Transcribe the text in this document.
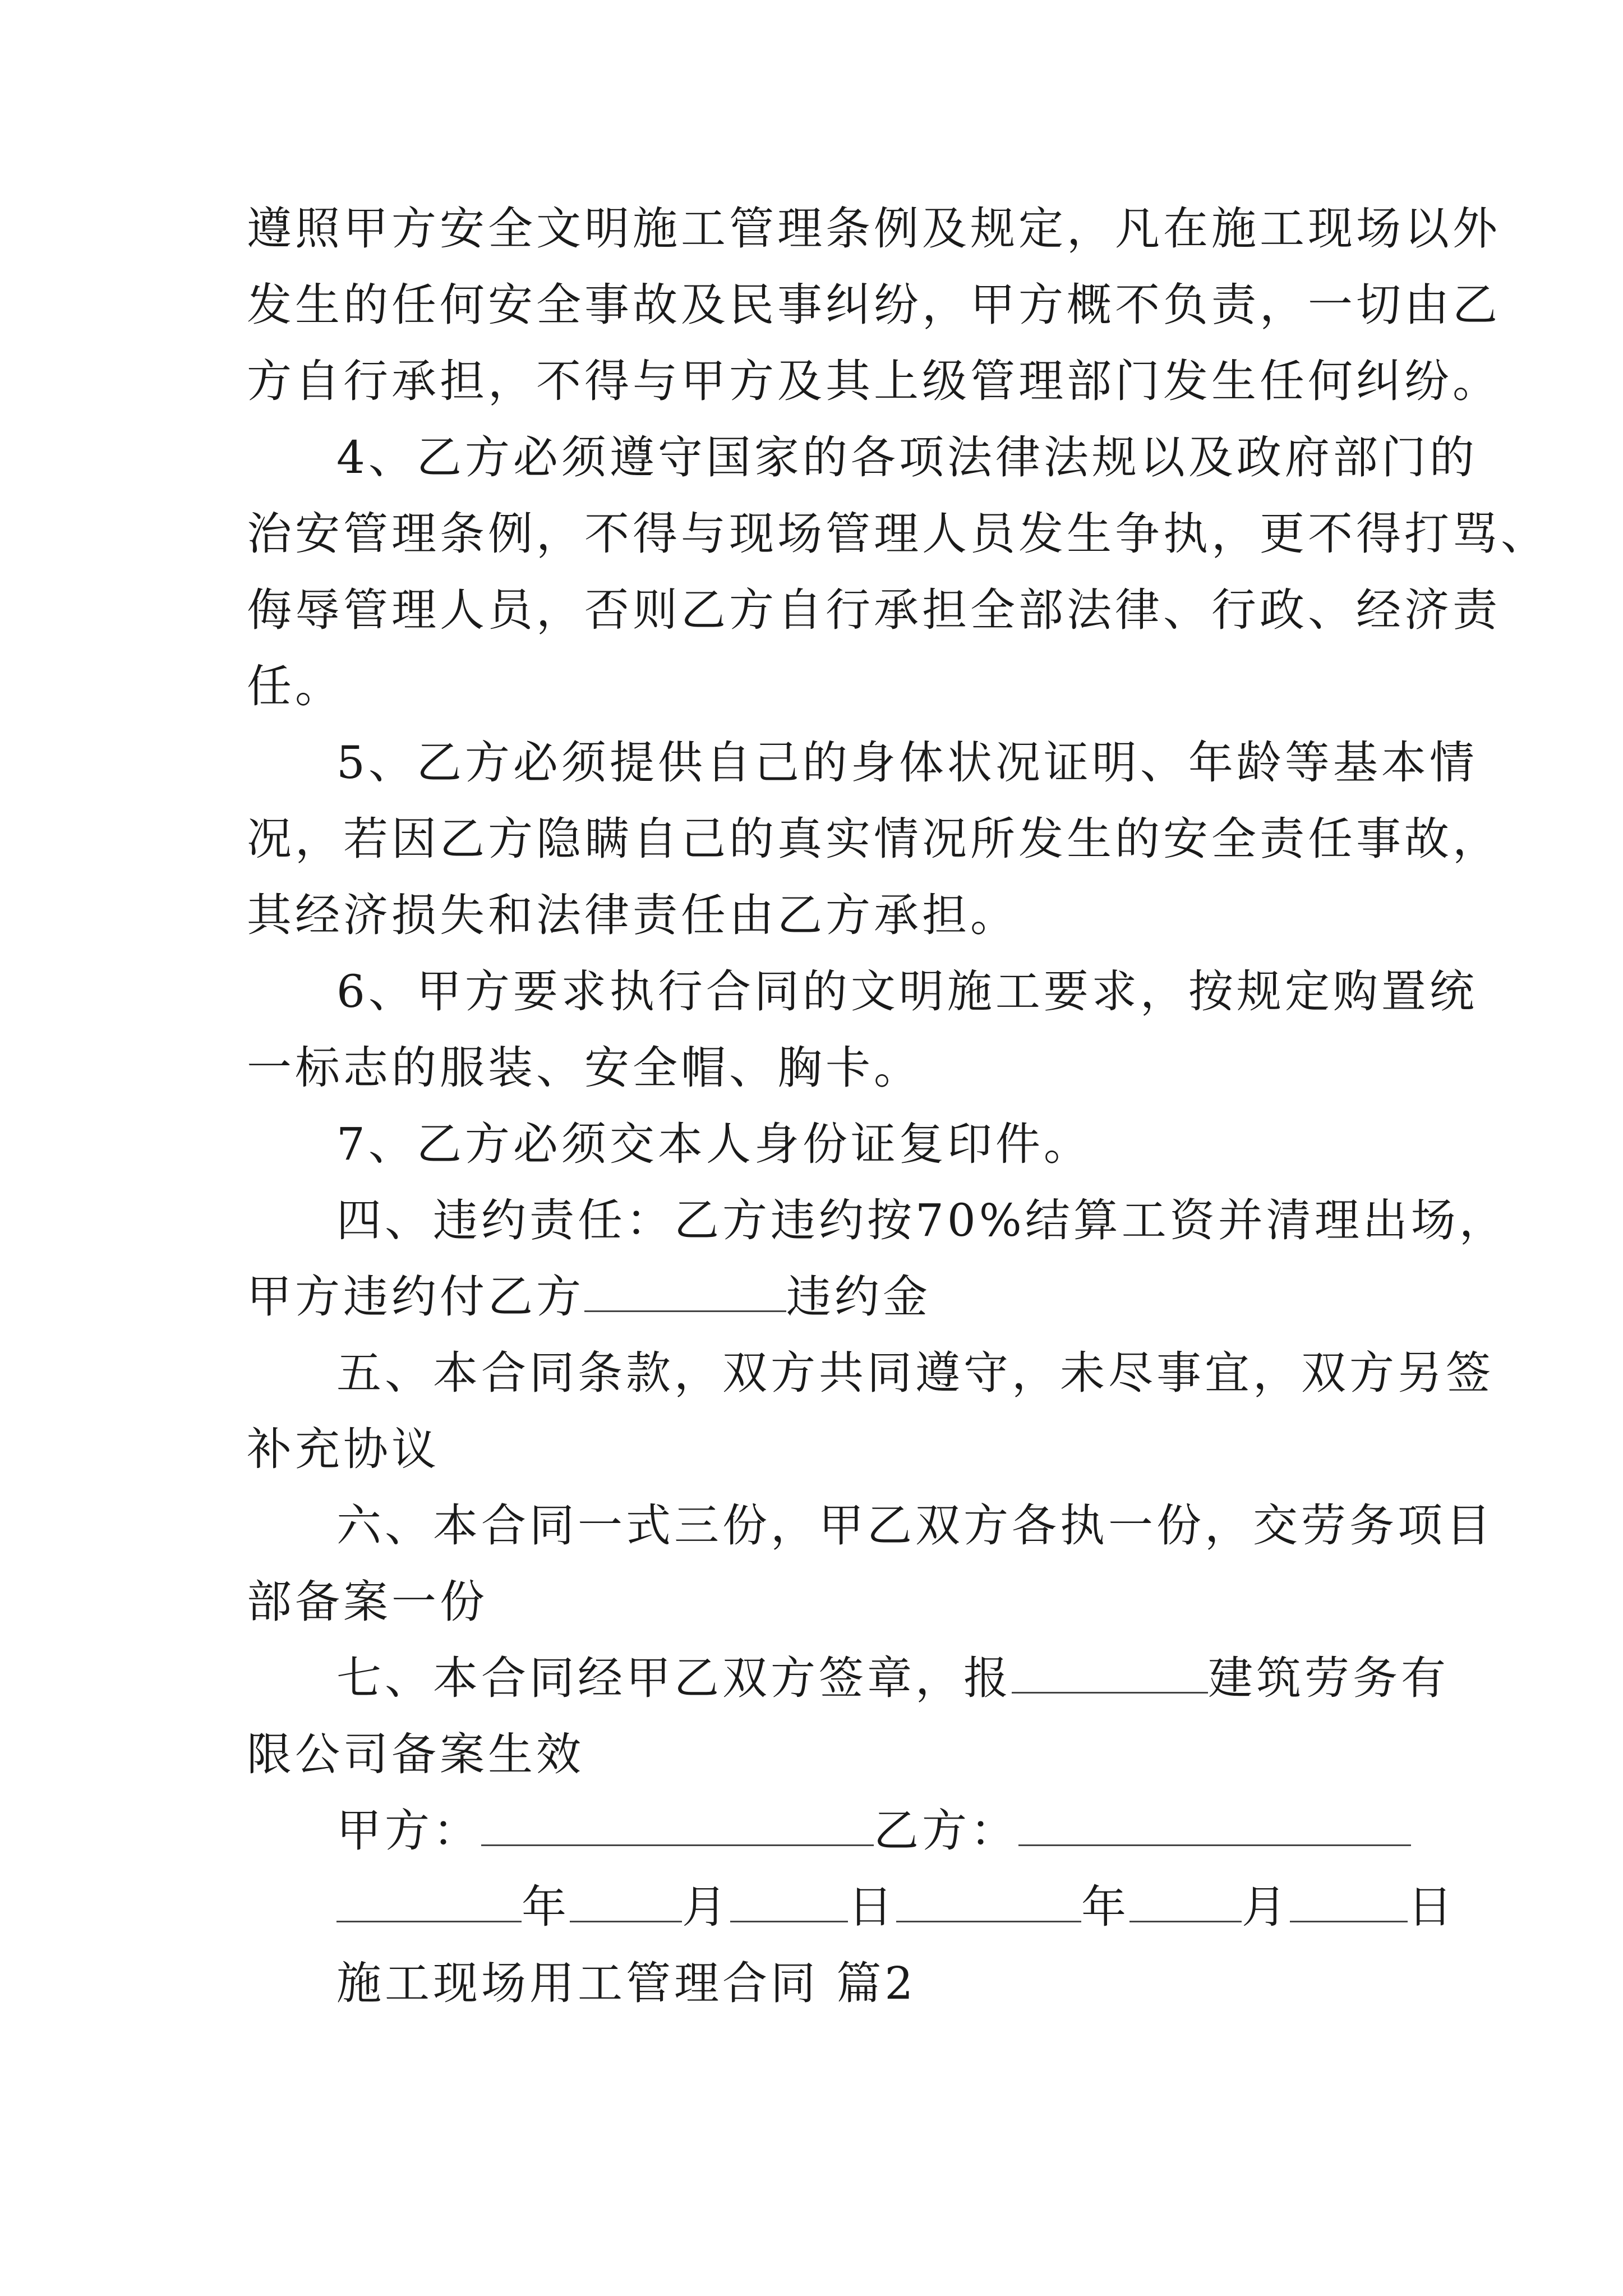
遵照甲方安全文明施工管理条例及规定，凡在施工现场以外
发生的任何安全事故及民事纠纷，甲方概不负责，一切由乙
方自行承担，不得与甲方及其上级管理部门发生任何纠纷。
4、乙方必须遵守国家的各项法律法规以及政府部门的
治安管理条例，不得与现场管理人员发生争执，更不得打骂、
侮辱管理人员，否则乙方自行承担全部法律、行政、经济责
任。
5、乙方必须提供自己的身体状况证明、年龄等基本情
况，若因乙方隐瞒自己的真实情况所发生的安全责任事故，
其经济损失和法律责任由乙方承担。
6、甲方要求执行合同的文明施工要求，按规定购置统
一标志的服装、安全帽、胸卡。
7、乙方必须交本人身份证复印件。
四、违约责任：乙方违约按70%结算工资并清理出场，
甲方违约付乙方	违约金
五、本合同条款，双方共同遵守，未尽事宜，双方另签
补充协议
六、本合同一式三份，甲乙双方各执一份，交劳务项目
部备案一份
七、本合同经甲乙双方签章，报	建筑劳务有
限公司备案生效
甲方：	乙方：
年	月	日	年	月	日
施工现场用工管理合同 篇2
